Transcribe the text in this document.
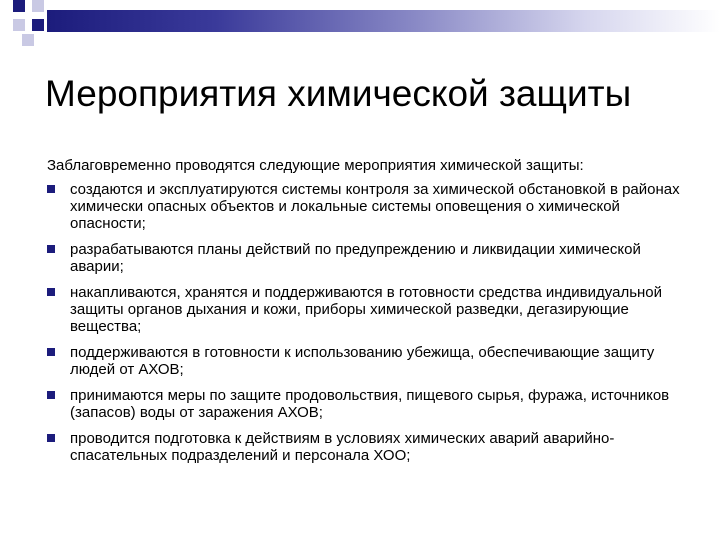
Мероприятия химической защиты

Заблаговременно проводятся следующие мероприятия химической защиты:

создаются и эксплуатируются системы контроля за химической обстановкой в районах химически опасных объектов и локальные системы оповещения о химической опасности;
разрабатываются планы действий по предупреждению и ликвидации химической аварии;
накапливаются, хранятся и поддерживаются в готовности средства индивидуальной защиты органов дыхания и кожи, приборы химической разведки, дегазирующие вещества;
поддерживаются в готовности к использованию убежища, обеспечивающие защиту людей от АХОВ;
принимаются меры по защите продовольствия, пищевого сырья, фуража, источников (запасов) воды от заражения АХОВ;
проводится подготовка к действиям в условиях химических аварий аварийно-спасательных подразделений и персонала ХОО;
